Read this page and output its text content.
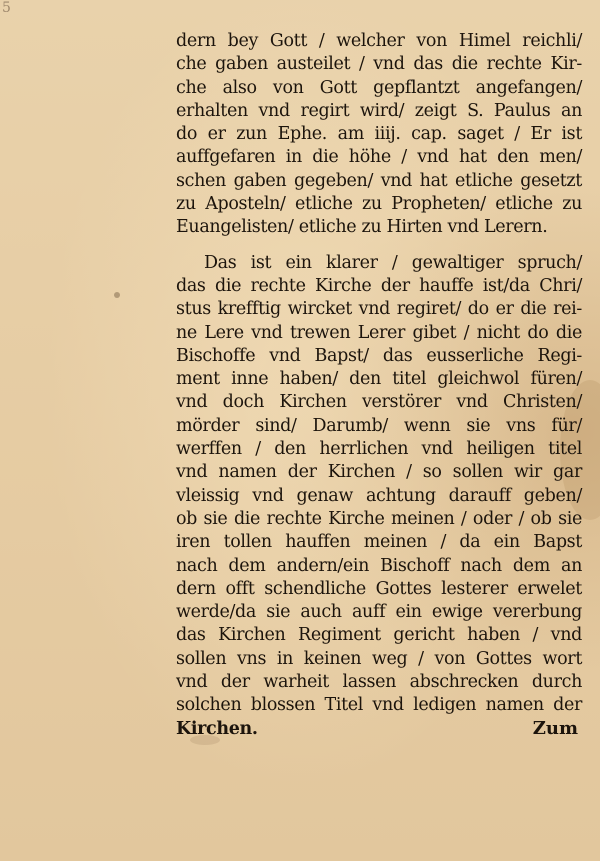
5
dern bey Gott / welcher von Himel reichli/
che gaben austeilet / vnd das die rechte Kir-
che also von Gott gepflantzt angefangen/
erhalten vnd regirt wird/ zeigt S. Paulus an
do er zun Ephe. am iiij. cap. saget / Er ist
auffgefaren in die höhe / vnd hat den men/
schen gaben gegeben/ vnd hat etliche gesetzt
zu Aposteln/ etliche zu Propheten/ etliche zu
Euangelisten/ etliche zu Hirten vnd Lerern.
Das ist ein klarer / gewaltiger spruch/
das die rechte Kirche der hauffe ist/da Chri/
stus krefftig wircket vnd regiret/ do er die rei-
ne Lere vnd trewen Lerer gibet / nicht do die
Bischoffe vnd Bapst/ das eusserliche Regi-
ment inne haben/ den titel gleichwol füren/
vnd doch Kirchen verstörer vnd Christen/
mörder sind/ Darumb/ wenn sie vns für/
werffen / den herrlichen vnd heiligen titel
vnd namen der Kirchen / so sollen wir gar
vleissig vnd genaw achtung darauff geben/
ob sie die rechte Kirche meinen / oder / ob sie
iren tollen hauffen meinen / da ein Bapst
nach dem andern/ein Bischoff nach dem an
dern offt schendliche Gottes lesterer erwelet
werde/da sie auch auff ein ewige vererbung
das Kirchen Regiment gericht haben / vnd
sollen vns in keinen weg / von Gottes wort
vnd der warheit lassen abschrecken durch
solchen blossen Titel vnd ledigen namen der
Kirchen.	Zum
